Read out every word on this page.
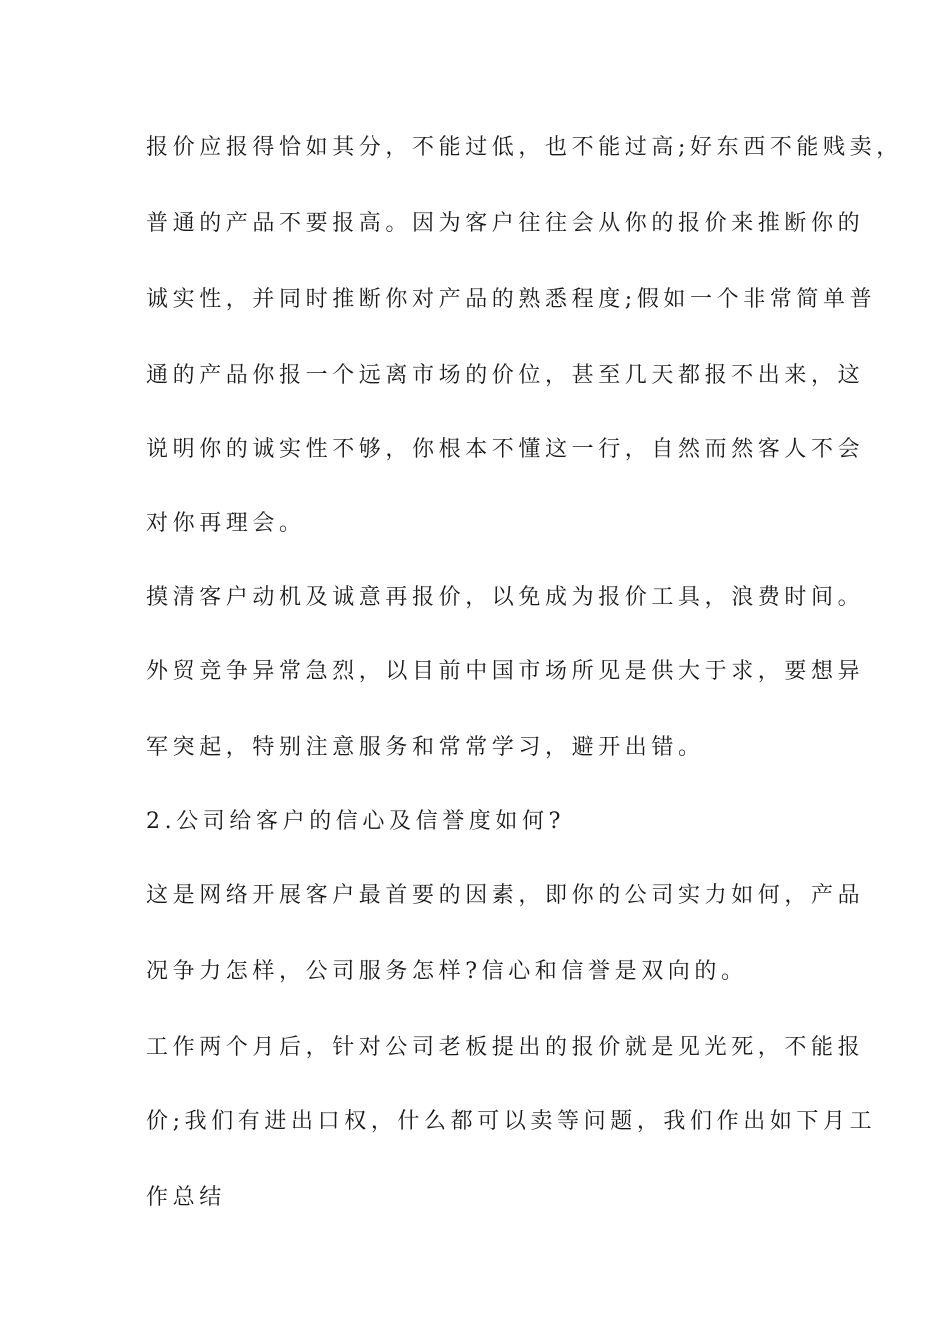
报价应报得恰如其分，不能过低，也不能过高;好东西不能贱卖，
普通的产品不要报高。因为客户往往会从你的报价来推断你的
诚实性，并同时推断你对产品的熟悉程度;假如一个非常简单普
通的产品你报一个远离市场的价位，甚至几天都报不出来，这
说明你的诚实性不够，你根本不懂这一行，自然而然客人不会
对你再理会。
摸清客户动机及诚意再报价，以免成为报价工具，浪费时间。
外贸竞争异常急烈，以目前中国市场所见是供大于求，要想异
军突起，特别注意服务和常常学习，避开出错。
2.公司给客户的信心及信誉度如何?
这是网络开展客户最首要的因素，即你的公司实力如何，产品
况争力怎样，公司服务怎样?信心和信誉是双向的。
工作两个月后，针对公司老板提出的报价就是见光死，不能报
价;我们有进出口权，什么都可以卖等问题，我们作出如下月工
作总结
